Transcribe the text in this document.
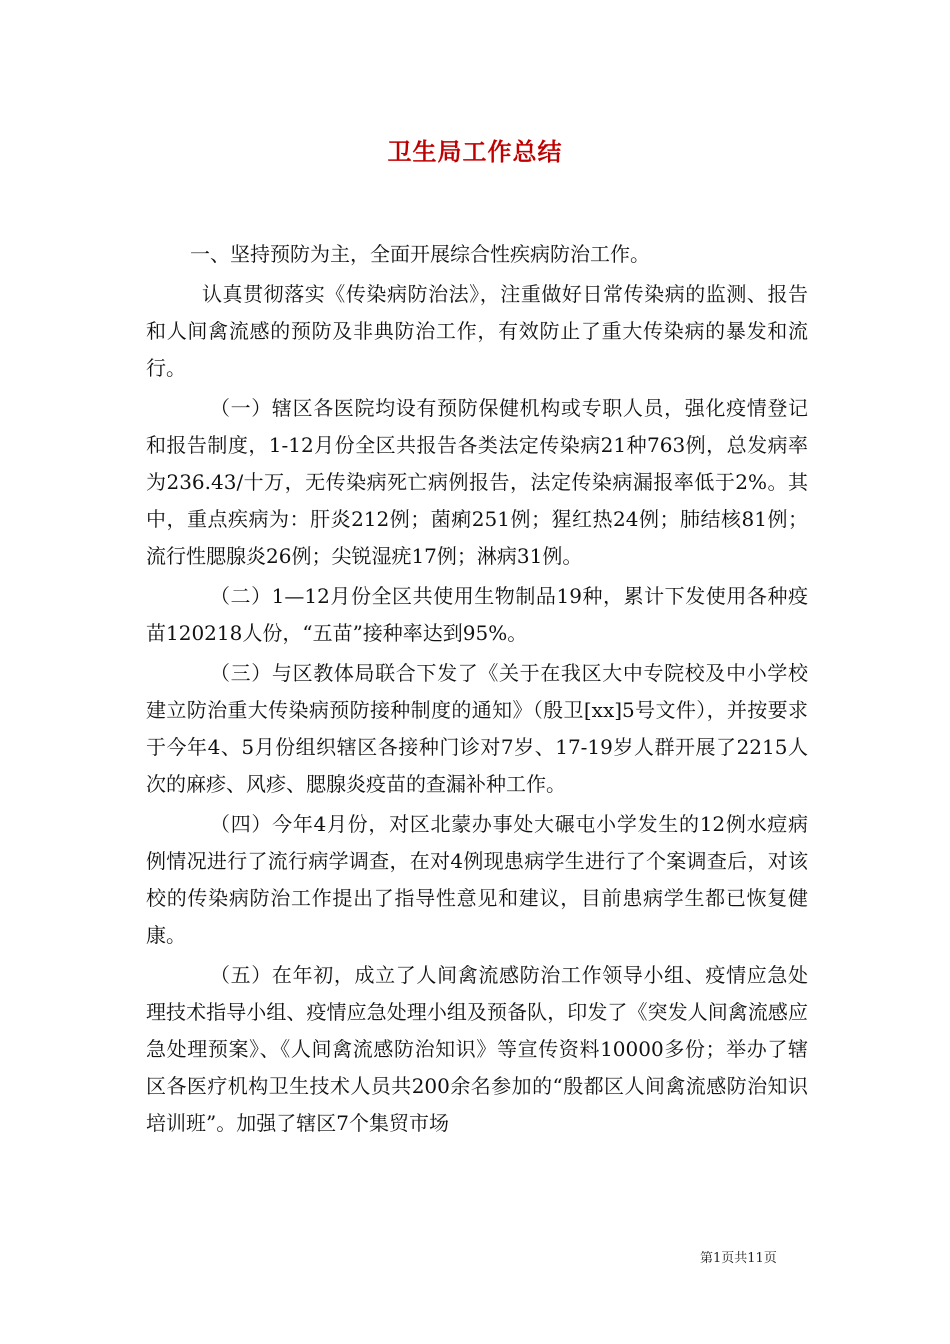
卫生局工作总结

一、坚持预防为主，全面开展综合性疾病防治工作。

认真贯彻落实《传染病防治法》，注重做好日常传染病的监测、报告和人间禽流感的预防及非典防治工作，有效防止了重大传染病的暴发和流行。

（一）辖区各医院均设有预防保健机构或专职人员，强化疫情登记和报告制度，1-12月份全区共报告各类法定传染病21种763例，总发病率为236.43/十万，无传染病死亡病例报告，法定传染病漏报率低于2%。其中，重点疾病为：肝炎212例；菌痢251例；猩红热24例；肺结核81例；流行性腮腺炎26例；尖锐湿疣17例；淋病31例。

（二）1—12月份全区共使用生物制品19种，累计下发使用各种疫苗120218人份，“五苗”接种率达到95%。

（三）与区教体局联合下发了《关于在我区大中专院校及中小学校建立防治重大传染病预防接种制度的通知》（殷卫[xx]5号文件），并按要求于今年4、5月份组织辖区各接种门诊对7岁、17-19岁人群开展了2215人次的麻疹、风疹、腮腺炎疫苗的查漏补种工作。

（四）今年4月份，对区北蒙办事处大碾屯小学发生的12例水痘病例情况进行了流行病学调查，在对4例现患病学生进行了个案调查后，对该校的传染病防治工作提出了指导性意见和建议，目前患病学生都已恢复健康。

（五）在年初，成立了人间禽流感防治工作领导小组、疫情应急处理技术指导小组、疫情应急处理小组及预备队，印发了《突发人间禽流感应急处理预案》、《人间禽流感防治知识》等宣传资料10000多份；举办了辖区各医疗机构卫生技术人员共200余名参加的“殷都区人间禽流感防治知识培训班”。加强了辖区7个集贸市场

第1页共11页
